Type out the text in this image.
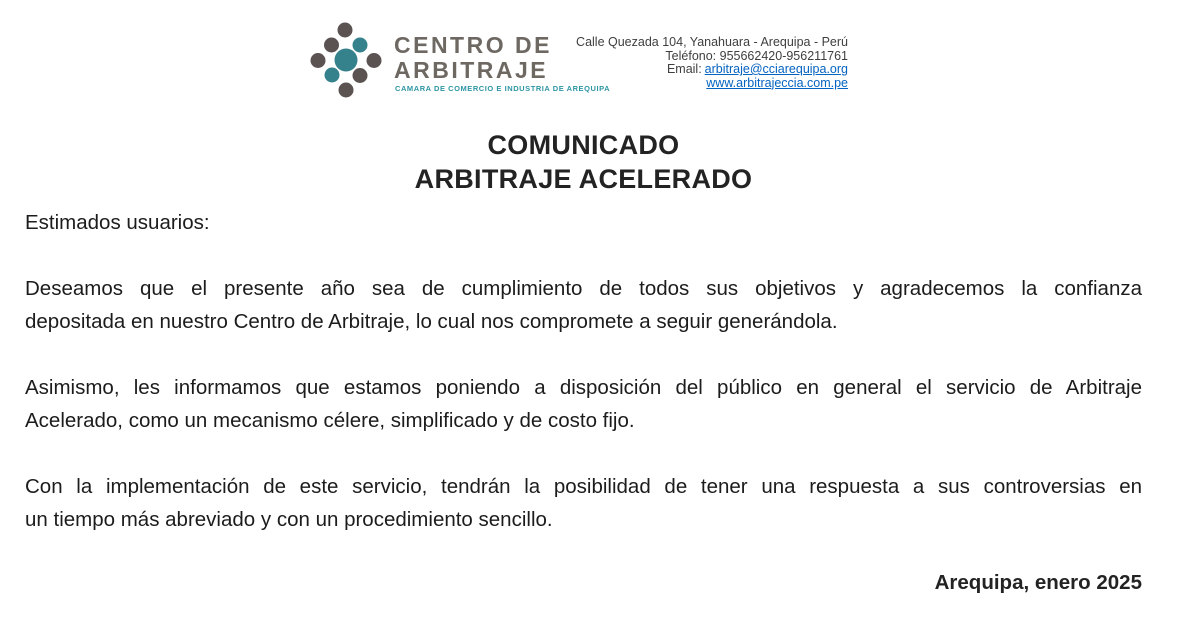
CENTRO DE
ARBITRAJE
CAMARA DE COMERCIO E INDUSTRIA DE AREQUIPA
Calle Quezada 104, Yanahuara - Arequipa - Perú
Teléfono: 955662420-956211761
Email: arbitraje@cciarequipa.org
www.arbitrajeccia.com.pe
COMUNICADO
ARBITRAJE ACELERADO
Estimados usuarios:
Deseamos que el presente año sea de cumplimiento de todos sus objetivos y agradecemos la confianza
depositada en nuestro Centro de Arbitraje, lo cual nos compromete a seguir generándola.
Asimismo, les informamos que estamos poniendo a disposición del público en general el servicio de Arbitraje
Acelerado, como un mecanismo célere, simplificado y de costo fijo.
Con la implementación de este servicio, tendrán la posibilidad de tener una respuesta a sus controversias en
un tiempo más abreviado y con un procedimiento sencillo.
Arequipa, enero 2025
